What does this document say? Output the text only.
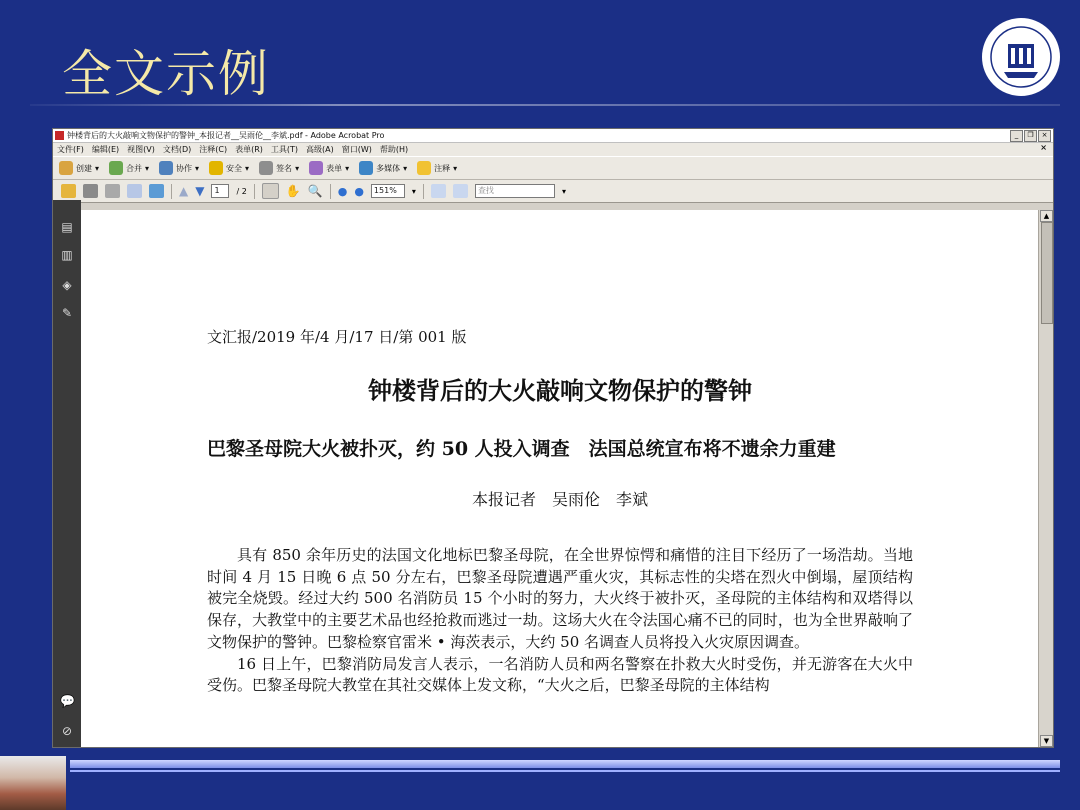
全文示例
钟楼背后的大火敲响文物保护的警钟_本报记者__吴雨伦__李斌.pdf - Adobe Acrobat Pro	_	❐	×
文件(F) 编辑(E) 视图(V) 文档(D) 注释(C) 表单(R) 工具(T) 高级(A) 窗口(W) 帮助(H)	×
创建 ▾	合并 ▾	协作 ▾	安全 ▾	签名 ▾	表单 ▾	多媒体 ▾	注释 ▾
▲ ▼	1	/ 2	✋ 🔍 ● ●	151%	▾	查找	▾
▤
▥
◈
✎
💬
⊘
文汇报/2019 年/4 月/17 日/第 001 版
钟楼背后的大火敲响文物保护的警钟
巴黎圣母院大火被扑灭，约 50 人投入调查　法国总统宣布将不遗余力重建
本报记者　吴雨伦　李斌

具有 850 余年历史的法国文化地标巴黎圣母院，在全世界惊愕和痛惜的注目下经历了一场浩劫。当地时间 4 月 15 日晚 6 点 50 分左右，巴黎圣母院遭遇严重火灾，其标志性的尖塔在烈火中倒塌，屋顶结构被完全烧毁。经过大约 500 名消防员 15 个小时的努力，大火终于被扑灭，圣母院的主体结构和双塔得以保存，大教堂中的主要艺术品也经抢救而逃过一劫。这场大火在令法国心痛不已的同时，也为全世界敲响了文物保护的警钟。巴黎检察官雷米 • 海茨表示，大约 50 名调查人员将投入火灾原因调查。

16 日上午，巴黎消防局发言人表示，一名消防人员和两名警察在扑救大火时受伤，并无游客在大火中受伤。巴黎圣母院大教堂在其社交媒体上发文称，“大火之后，巴黎圣母院的主体结构

▲
▼
